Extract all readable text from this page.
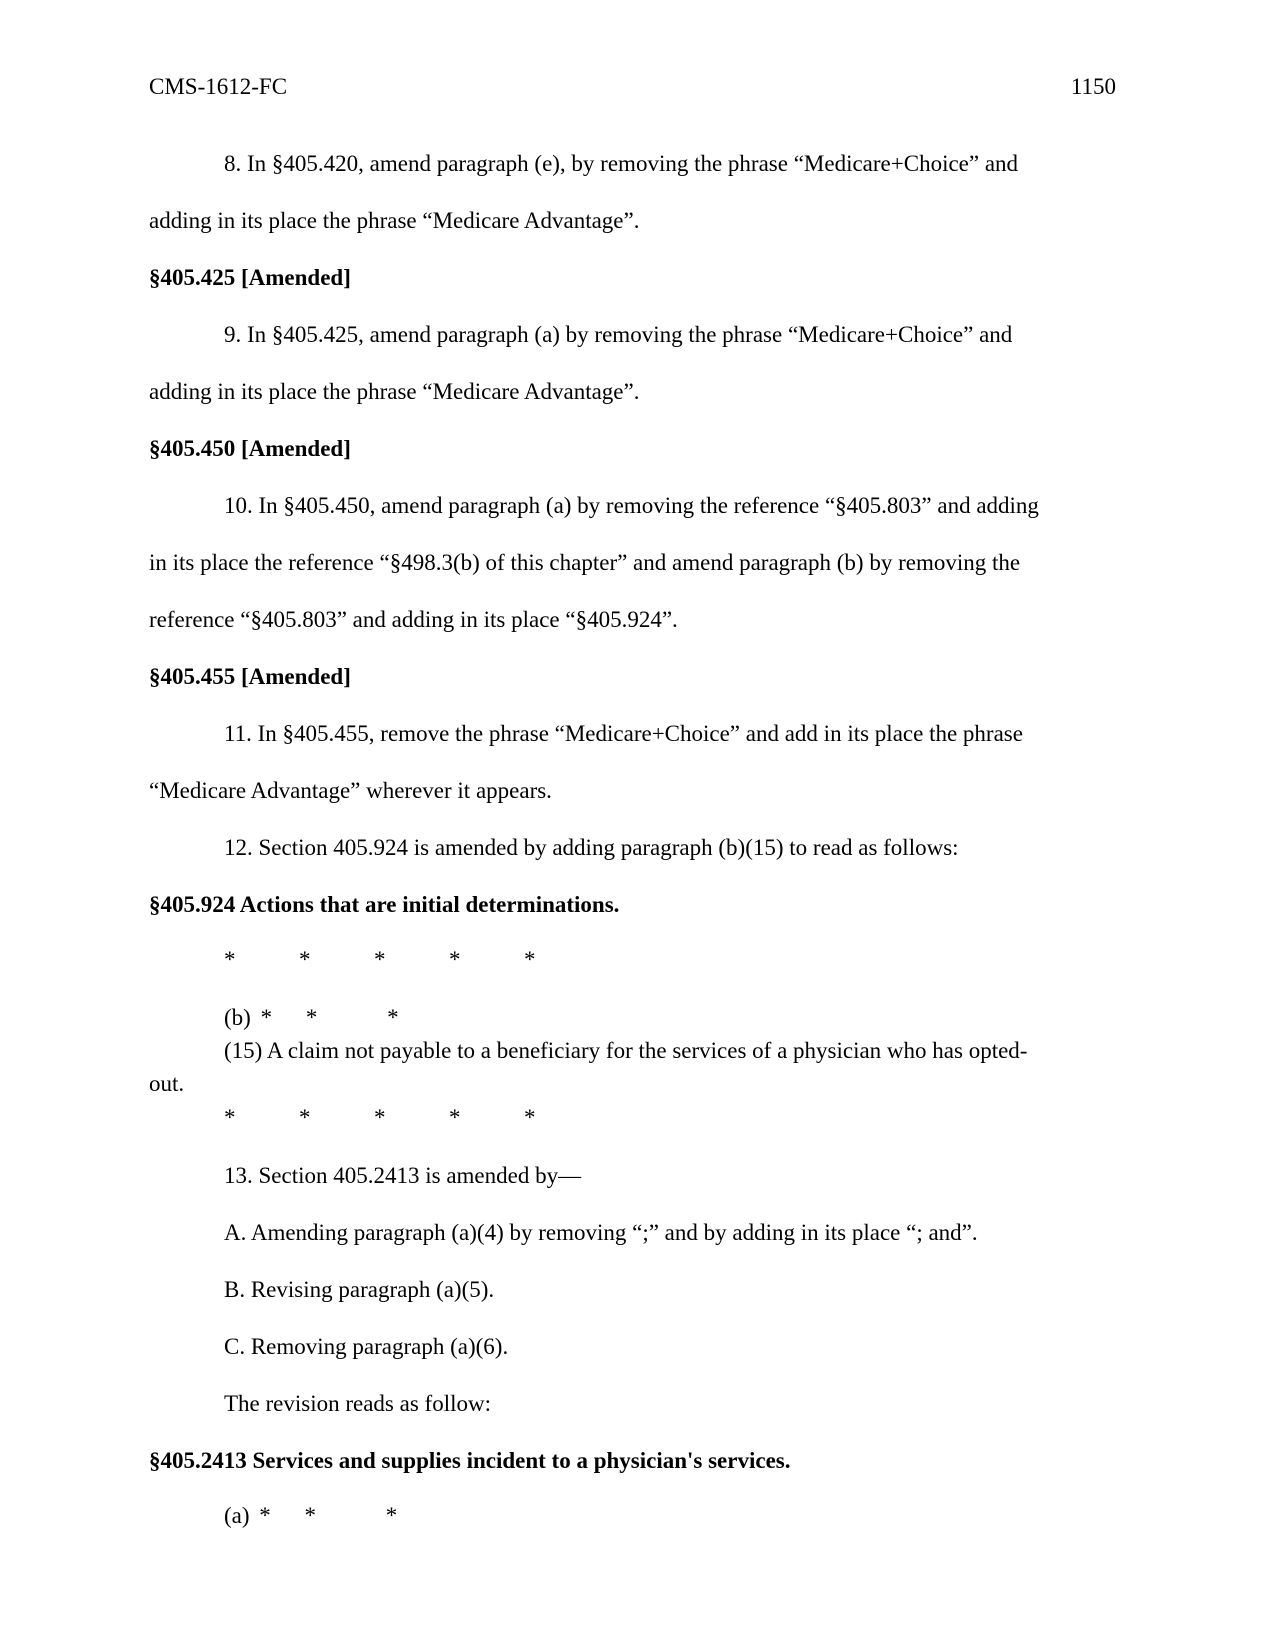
CMS-1612-FC	1150
8. In §405.420, amend paragraph (e), by removing the phrase “Medicare+Choice” and
adding in its place the phrase “Medicare Advantage”.
§405.425 [Amended]
9. In §405.425, amend paragraph (a) by removing the phrase “Medicare+Choice” and
adding in its place the phrase “Medicare Advantage”.
§405.450 [Amended]
10. In §405.450, amend paragraph (a) by removing the reference “§405.803” and adding
in its place the reference “§498.3(b) of this chapter” and amend paragraph (b) by removing the
reference “§405.803” and adding in its place “§405.924”.
§405.455 [Amended]
11. In §405.455, remove the phrase “Medicare+Choice” and add in its place the phrase
“Medicare Advantage” wherever it appears.
12. Section 405.924 is amended by adding paragraph (b)(15) to read as follows:
§405.924 Actions that are initial determinations.
*	*	*	*	*
(b) * *	*
(15) A claim not payable to a beneficiary for the services of a physician who has opted-
out.
*	*	*	*	*
13. Section 405.2413 is amended by—
A. Amending paragraph (a)(4) by removing “;” and by adding in its place “; and”.
B. Revising paragraph (a)(5).
C. Removing paragraph (a)(6).
The revision reads as follow:
§405.2413 Services and supplies incident to a physician's services.
(a) * *	*
